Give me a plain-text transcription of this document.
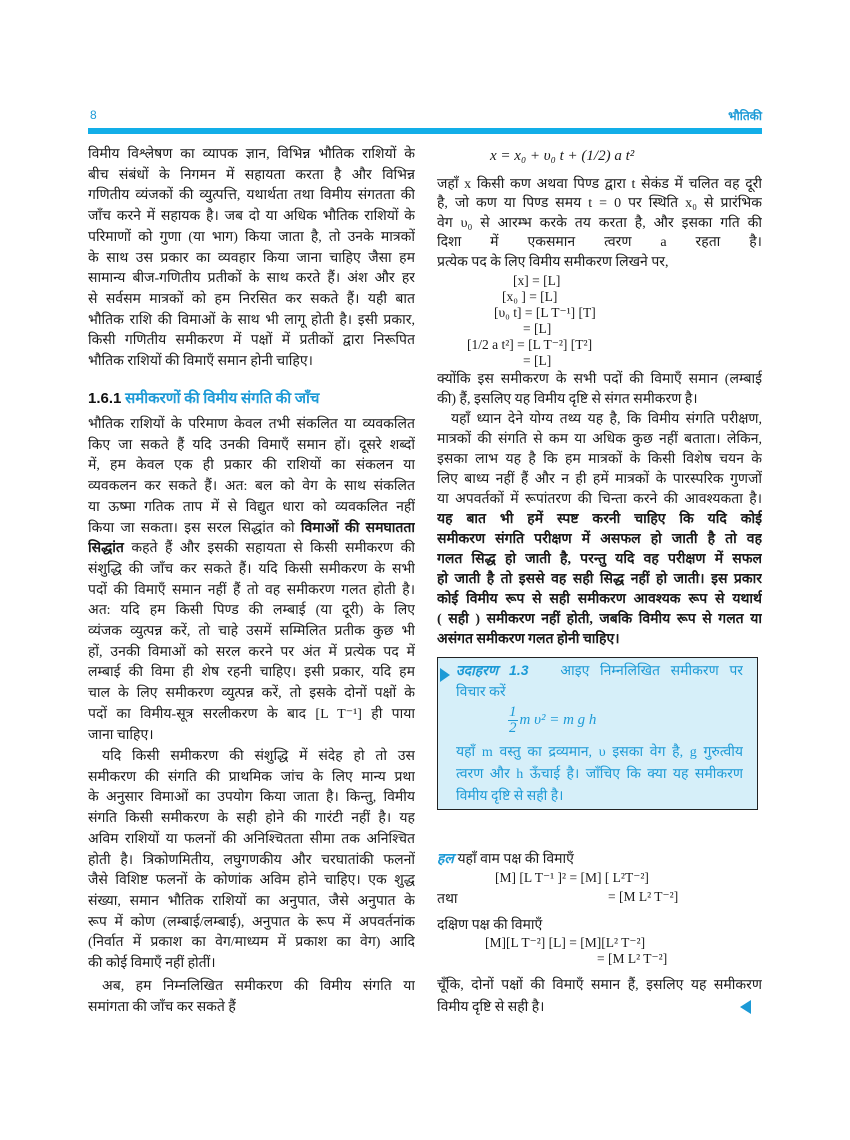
8	भौतिकी
विमीय विश्लेषण का व्यापक ज्ञान, विभिन्न भौतिक राशियों के
बीच संबंधों के निगमन में सहायता करता है और विभिन्न
गणितीय व्यंजकों की व्युत्पत्ति, यथार्थता तथा विमीय संगतता की
जाँच करने में सहायक है। जब दो या अधिक भौतिक राशियों के
परिमाणों को गुणा (या भाग) किया जाता है, तो उनके मात्रकों
के साथ उस प्रकार का व्यवहार किया जाना चाहिए जैसा हम
सामान्य बीज-गणितीय प्रतीकों के साथ करते हैं। अंश और हर
से सर्वसम मात्रकों को हम निरसित कर सकते हैं। यही बात
भौतिक राशि की विमाओं के साथ भी लागू होती है। इसी प्रकार,
किसी गणितीय समीकरण में पक्षों में प्रतीकों द्वारा निरूपित
भौतिक राशियों की विमाएँ समान होनी चाहिए।
1.6.1 समीकरणों की विमीय संगति की जाँच
भौतिक राशियों के परिमाण केवल तभी संकलित या व्यवकलित
किए जा सकते हैं यदि उनकी विमाएँ समान हों। दूसरे शब्दों
में, हम केवल एक ही प्रकार की राशियों का संकलन या
व्यवकलन कर सकते हैं। अत: बल को वेग के साथ संकलित
या ऊष्मा गतिक ताप में से विद्युत धारा को व्यवकलित नहीं
किया जा सकता। इस सरल सिद्धांत को विमाओं की समघातता
सिद्धांत कहते हैं और इसकी सहायता से किसी समीकरण की
संशुद्धि की जाँच कर सकते हैं। यदि किसी समीकरण के सभी
पदों की विमाएँ समान नहीं हैं तो वह समीकरण गलत होती है।
अत: यदि हम किसी पिण्ड की लम्बाई (या दूरी) के लिए
व्यंजक व्युत्पन्न करें, तो चाहे उसमें सम्मिलित प्रतीक कुछ भी
हों, उनकी विमाओं को सरल करने पर अंत में प्रत्येक पद में
लम्बाई की विमा ही शेष रहनी चाहिए। इसी प्रकार, यदि हम
चाल के लिए समीकरण व्युत्पन्न करें, तो इसके दोनों पक्षों के
पदों का विमीय-सूत्र सरलीकरण के बाद [L T⁻¹] ही पाया
जाना चाहिए।
यदि किसी समीकरण की संशुद्धि में संदेह हो तो उस
समीकरण की संगति की प्राथमिक जांच के लिए मान्य प्रथा
के अनुसार विमाओं का उपयोग किया जाता है। किन्तु, विमीय
संगति किसी समीकरण के सही होने की गारंटी नहीं है। यह
अविम राशियों या फलनों की अनिश्चितता सीमा तक अनिश्चित
होती है। त्रिकोणमितीय, लघुगणकीय और चरघातांकी फलनों
जैसे विशिष्ट फलनों के कोणांक अविम होने चाहिए। एक शुद्ध
संख्या, समान भौतिक राशियों का अनुपात, जैसे अनुपात के
रूप में कोण (लम्बाई/लम्बाई), अनुपात के रूप में अपवर्तनांक
(निर्वात में प्रकाश का वेग/माध्यम में प्रकाश का वेग) आदि
की कोई विमाएँ नहीं होतीं।
अब, हम निम्नलिखित समीकरण की विमीय संगति या
समांगता की जाँच कर सकते हैं
x = x₀ + υ₀ t + (1/2) a t²
जहाँ x किसी कण अथवा पिण्ड द्वारा t सेकंड में चलित वह दूरी
है, जो कण या पिण्ड समय t = 0 पर स्थिति x₀ से प्रारंभिक
वेग υ₀ से आरम्भ करके तय करता है, और इसका गति की
दिशा में एकसमान त्वरण a रहता है।
प्रत्येक पद के लिए विमीय समीकरण लिखने पर,
[x] = [L]
[x₀ ] = [L]
[υ₀ t] = [L T⁻¹] [T]
= [L]
[1/2 a t²] = [L T⁻²] [T²]
= [L]
क्योंकि इस समीकरण के सभी पदों की विमाएँ समान (लम्बाई
की) हैं, इसलिए यह विमीय दृष्टि से संगत समीकरण है।
यहाँ ध्यान देने योग्य तथ्य यह है, कि विमीय संगति परीक्षण,
मात्रकों की संगति से कम या अधिक कुछ नहीं बताता। लेकिन,
इसका लाभ यह है कि हम मात्रकों के किसी विशेष चयन के
लिए बाध्य नहीं हैं और न ही हमें मात्रकों के पारस्परिक गुणजों
या अपवर्तकों में रूपांतरण की चिन्ता करने की आवश्यकता है।
यह बात भी हमें स्पष्ट करनी चाहिए कि यदि कोई
समीकरण संगति परीक्षण में असफल हो जाती है तो वह
गलत सिद्ध हो जाती है, परन्तु यदि वह परीक्षण में सफल
हो जाती है तो इससे वह सही सिद्ध नहीं हो जाती। इस प्रकार
कोई विमीय रूप से सही समीकरण आवश्यक रूप से यथार्थ
( सही ) समीकरण नहीं होती, जबकि विमीय रूप से गलत या
असंगत समीकरण गलत होनी चाहिए।
उदाहरण 1.3 आइए निम्नलिखित समीकरण पर
विचार करें
$\frac{1}{2}$ m υ² = m g h
यहाँ m वस्तु का द्रव्यमान, υ इसका वेग है, g गुरुत्वीय
त्वरण और h ऊँचाई है। जाँचिए कि क्या यह समीकरण
विमीय दृष्टि से सही है।
हल यहाँ वाम पक्ष की विमाएँ
[M] [L T⁻¹ ]² = [M] [ L²T⁻²]
तथा	= [M L² T⁻²]
दक्षिण पक्ष की विमाएँ
[M][L T⁻²] [L] = [M][L² T⁻²]
= [M L² T⁻²]
चूँकि, दोनों पक्षों की विमाएँ समान हैं, इसलिए यह समीकरण
विमीय दृष्टि से सही है।
